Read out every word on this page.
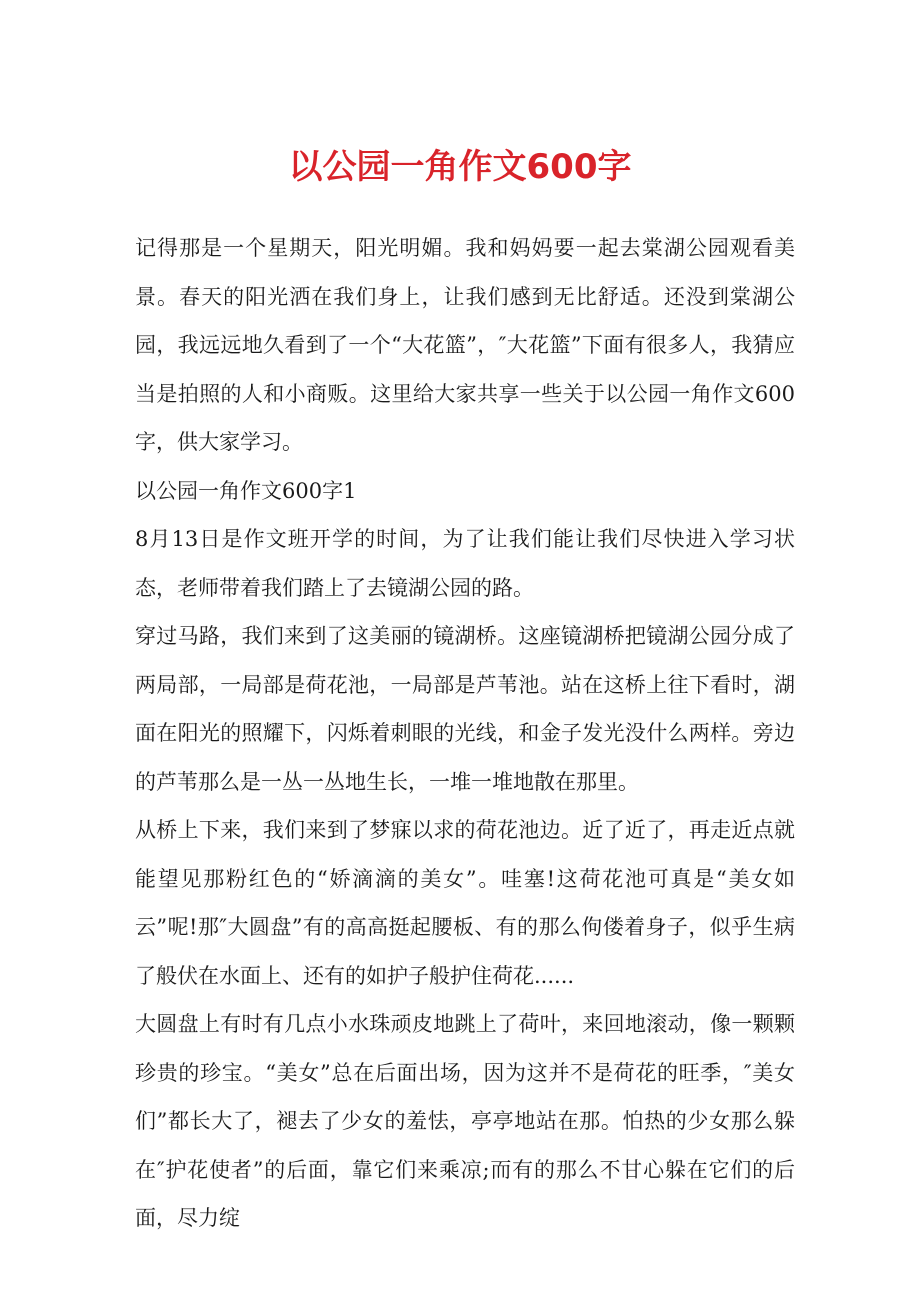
以公园一角作文600字

记得那是一个星期天，阳光明媚。我和妈妈要一起去棠湖公园观看美景。春天的阳光洒在我们身上，让我们感到无比舒适。还没到棠湖公园，我远远地久看到了一个“大花篮”，″大花篮”下面有很多人，我猜应当是拍照的人和小商贩。这里给大家共享一些关于以公园一角作文600字，供大家学习。

以公园一角作文600字1

8月13日是作文班开学的时间，为了让我们能让我们尽快进入学习状态，老师带着我们踏上了去镜湖公园的路。

穿过马路，我们来到了这美丽的镜湖桥。这座镜湖桥把镜湖公园分成了两局部，一局部是荷花池，一局部是芦苇池。站在这桥上往下看时，湖面在阳光的照耀下，闪烁着刺眼的光线，和金子发光没什么两样。旁边的芦苇那么是一丛一丛地生长，一堆一堆地散在那里。

从桥上下来，我们来到了梦寐以求的荷花池边。近了近了，再走近点就能望见那粉红色的“娇滴滴的美女”。哇塞!这荷花池可真是“美女如云”呢!那″大圆盘”有的高高挺起腰板、有的那么佝偻着身子，似乎生病了般伏在水面上、还有的如护子般护住荷花......

大圆盘上有时有几点小水珠顽皮地跳上了荷叶，来回地滚动，像一颗颗珍贵的珍宝。“美女”总在后面出场，因为这并不是荷花的旺季，″美女们”都长大了，褪去了少女的羞怯，亭亭地站在那。怕热的少女那么躲在″护花使者”的后面，靠它们来乘凉;而有的那么不甘心躲在它们的后面，尽力绽
